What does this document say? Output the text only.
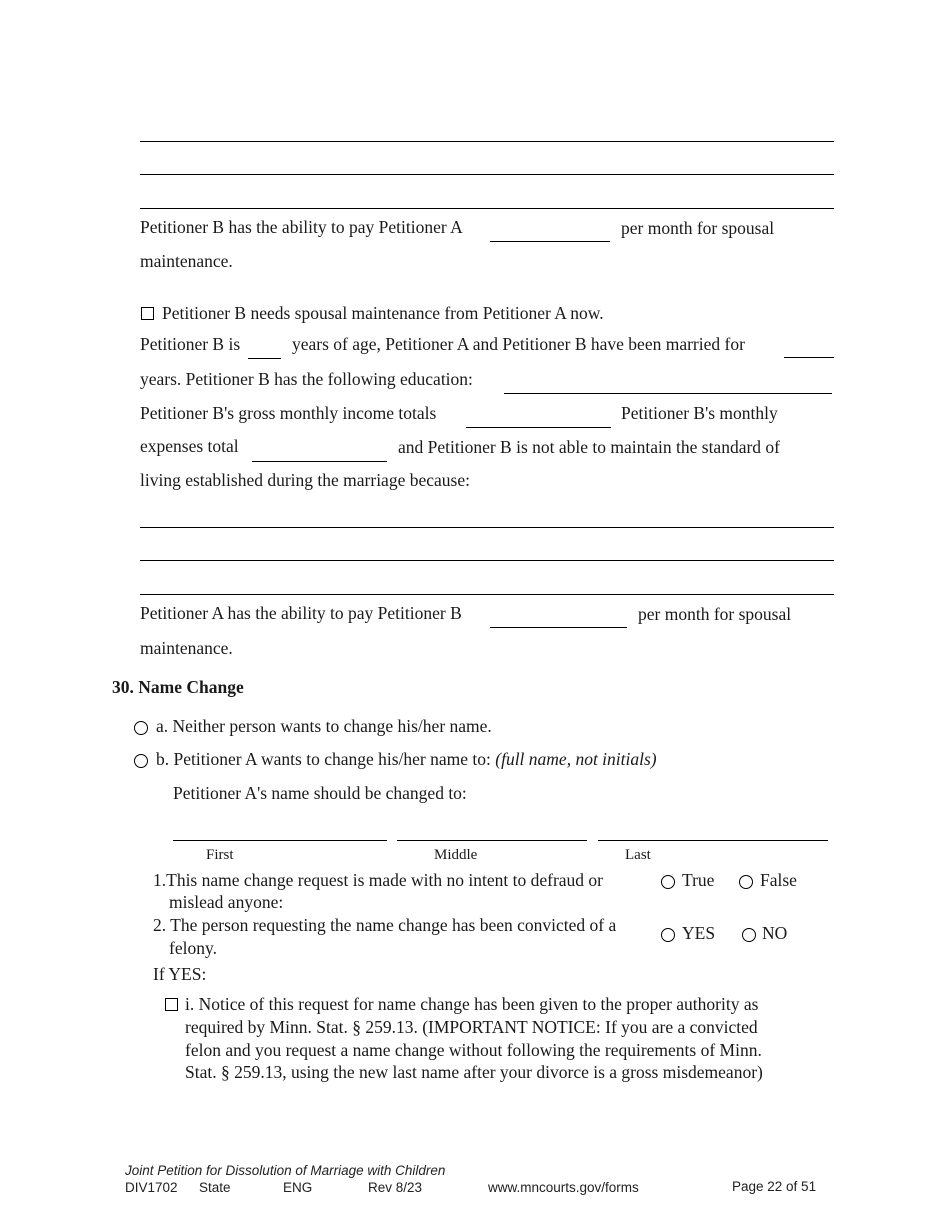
Petitioner B has the ability to pay Petitioner A	per month for spousal
maintenance.
Petitioner B needs spousal maintenance from Petitioner A now.
Petitioner B is	years of age, Petitioner A and Petitioner B have been married for
years. Petitioner B has the following education:
Petitioner B's gross monthly income totals	Petitioner B's monthly
expenses total	and Petitioner B is not able to maintain the standard of
living established during the marriage because:
Petitioner A has the ability to pay Petitioner B	per month for spousal
maintenance.
30. Name Change
a. Neither person wants to change his/her name.
b. Petitioner A wants to change his/her name to: (full name, not initials)
Petitioner A's name should be changed to:
First	Middle	Last
1.This name change request is made with no intent to defraud or
mislead anyone:
True	False
2. The person requesting the name change has been convicted of a
felony.
YES	NO
If YES:
i. Notice of this request for name change has been given to the proper authority as
required by Minn. Stat. § 259.13. (IMPORTANT NOTICE: If you are a convicted
felon and you request a name change without following the requirements of Minn.
Stat. § 259.13, using the new last name after your divorce is a gross misdemeanor)
Joint Petition for Dissolution of Marriage with Children
DIV1702 State	ENG	Rev 8/23	www.mncourts.gov/forms	Page 22 of 51
